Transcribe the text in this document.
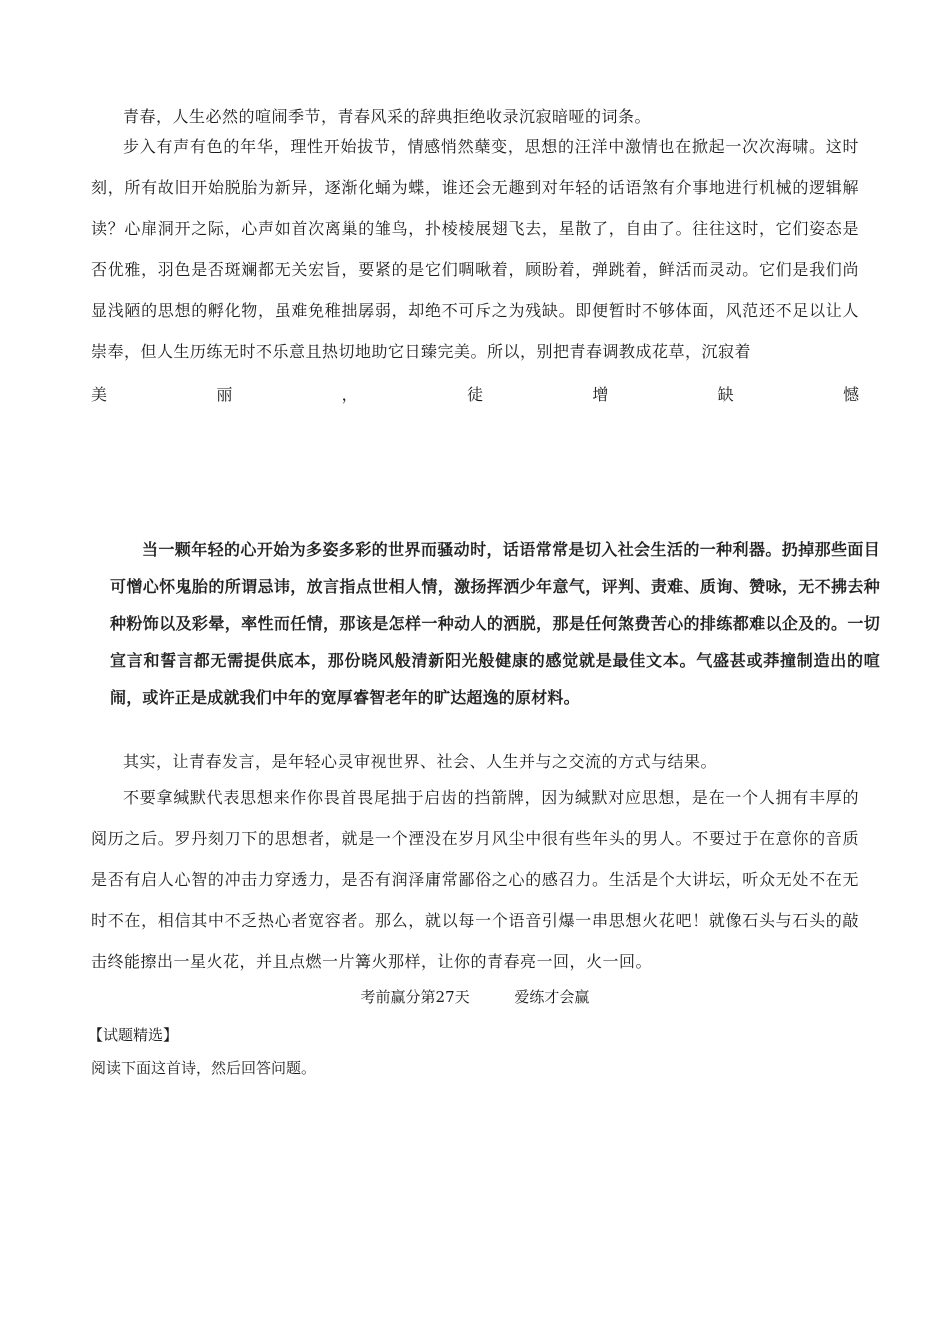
青春，人生必然的喧闹季节，青春风采的辞典拒绝收录沉寂暗哑的词条。

步入有声有色的年华，理性开始拔节，情感悄然蘖变，思想的汪洋中激情也在掀起一次次海啸。这时刻，所有故旧开始脱胎为新异，逐渐化蛹为蝶，谁还会无趣到对年轻的话语煞有介事地进行机械的逻辑解读？心扉洞开之际，心声如首次离巢的雏鸟，扑棱棱展翅飞去，星散了，自由了。往往这时，它们姿态是否优雅，羽色是否斑斓都无关宏旨，要紧的是它们啁啾着，顾盼着，弹跳着，鲜活而灵动。它们是我们尚显浅陋的思想的孵化物，虽难免稚拙孱弱，却绝不可斥之为残缺。即便暂时不够体面，风范还不足以让人崇奉，但人生历练无时不乐意且热切地助它日臻完美。所以，别把青春调教成花草，沉寂着

美	丽	，	徒	增	缺	憾

当一颗年轻的心开始为多姿多彩的世界而骚动时，话语常常是切入社会生活的一种利器。扔掉那些面目可憎心怀鬼胎的所谓忌讳，放言指点世相人情，激扬挥洒少年意气，评判、责难、质询、赞咏，无不拂去种种粉饰以及彩晕，率性而任情，那该是怎样一种动人的洒脱，那是任何煞费苦心的排练都难以企及的。一切宣言和誓言都无需提供底本，那份晓风般清新阳光般健康的感觉就是最佳文本。气盛甚或莽撞制造出的喧闹，或许正是成就我们中年的宽厚睿智老年的旷达超逸的原材料。

其实，让青春发言，是年轻心灵审视世界、社会、人生并与之交流的方式与结果。

不要拿缄默代表思想来作你畏首畏尾拙于启齿的挡箭牌，因为缄默对应思想，是在一个人拥有丰厚的阅历之后。罗丹刻刀下的思想者，就是一个湮没在岁月风尘中很有些年头的男人。不要过于在意你的音质是否有启人心智的冲击力穿透力，是否有润泽庸常鄙俗之心的感召力。生活是个大讲坛，听众无处不在无时不在，相信其中不乏热心者宽容者。那么，就以每一个语音引爆一串思想火花吧！就像石头与石头的敲击终能擦出一星火花，并且点燃一片篝火那样，让你的青春亮一回，火一回。

考前赢分第27天	爱练才会赢
【试题精选】
阅读下面这首诗，然后回答问题。
